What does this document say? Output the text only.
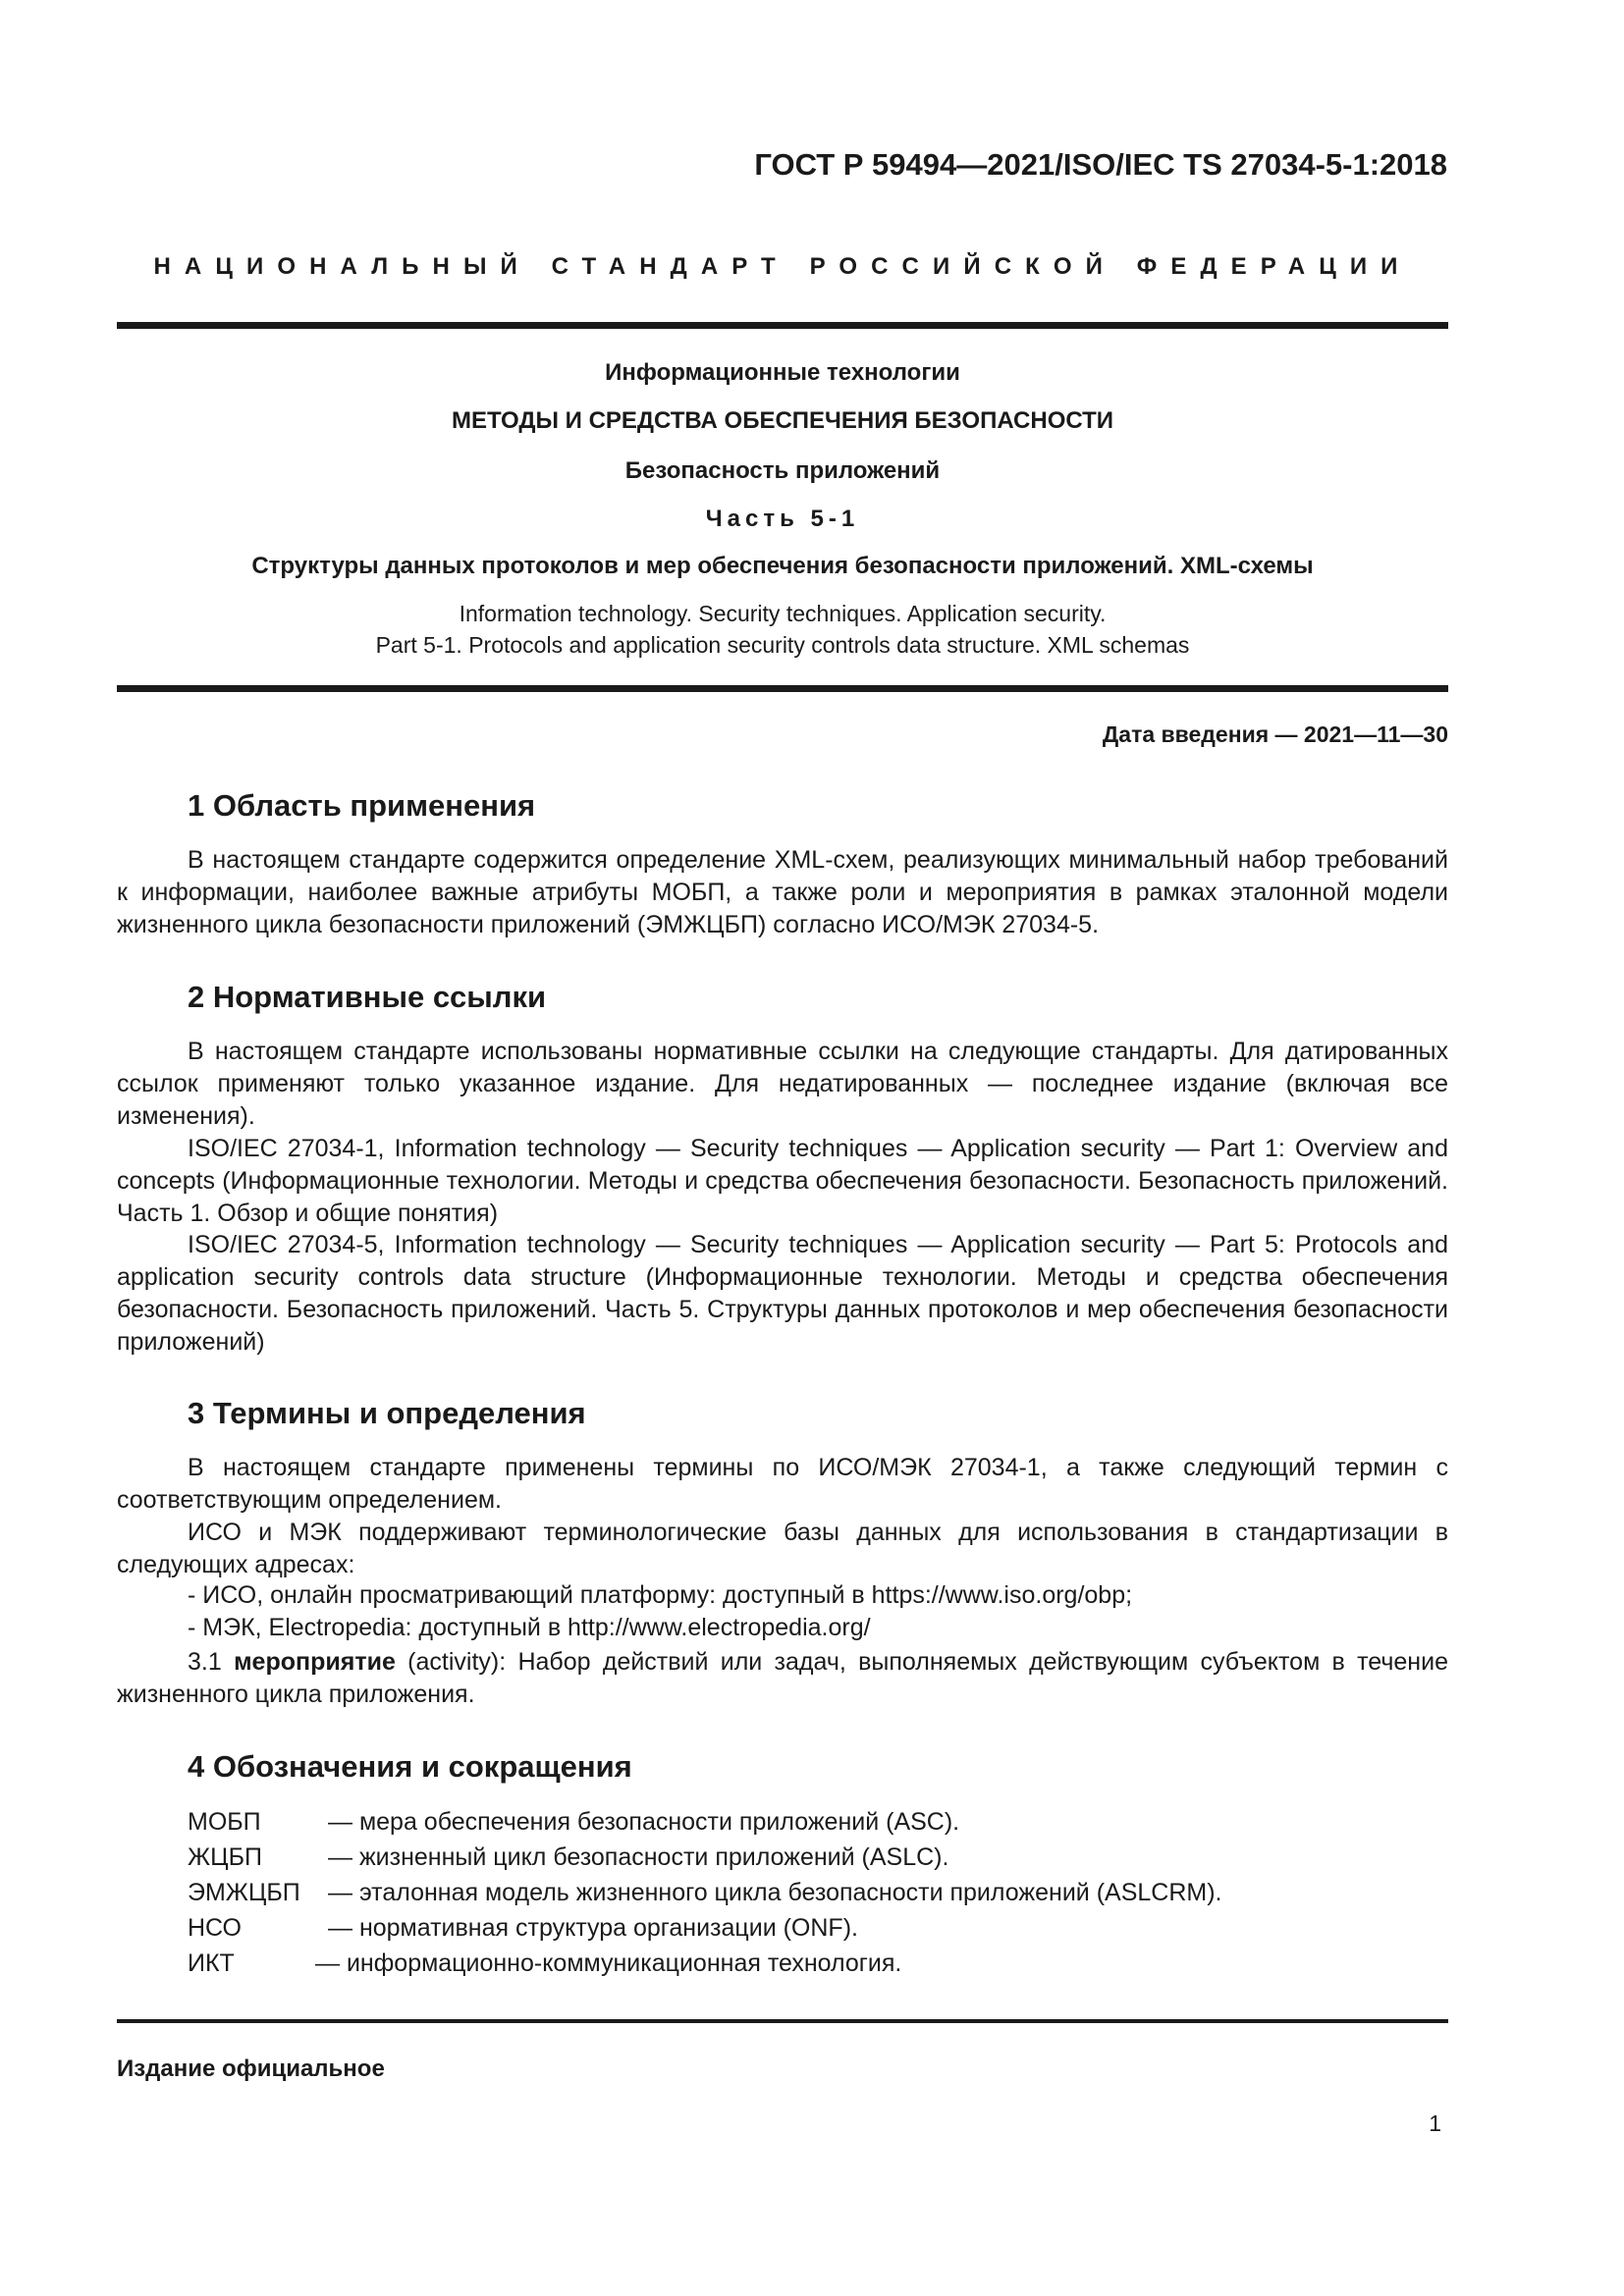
ГОСТ Р 59494—2021/ISO/IEC TS 27034-5-1:2018
НАЦИОНАЛЬНЫЙ СТАНДАРТ РОССИЙСКОЙ ФЕДЕРАЦИИ
Информационные технологии
МЕТОДЫ И СРЕДСТВА ОБЕСПЕЧЕНИЯ БЕЗОПАСНОСТИ
Безопасность приложений
Часть 5-1
Структуры данных протоколов и мер обеспечения безопасности приложений. XML-схемы
Information technology. Security techniques. Application security.
Part 5-1. Protocols and application security controls data structure. XML schemas
Дата введения — 2021—11—30
1 Область применения
В настоящем стандарте содержится определение XML-схем, реализующих минимальный набор требований к информации, наиболее важные атрибуты МОБП, а также роли и мероприятия в рамках эталонной модели жизненного цикла безопасности приложений (ЭМЖЦБП) согласно ИСО/МЭК 27034-5.
2 Нормативные ссылки
В настоящем стандарте использованы нормативные ссылки на следующие стандарты. Для датированных ссылок применяют только указанное издание. Для недатированных — последнее издание (включая все изменения).
ISO/IEC 27034-1, Information technology — Security techniques — Application security — Part 1: Overview and concepts (Информационные технологии. Методы и средства обеспечения безопасности. Безопасность приложений. Часть 1. Обзор и общие понятия)
ISO/IEC 27034-5, Information technology — Security techniques — Application security — Part 5: Protocols and application security controls data structure (Информационные технологии. Методы и средства обеспечения безопасности. Безопасность приложений. Часть 5. Структуры данных протоколов и мер обеспечения безопасности приложений)
3 Термины и определения
В настоящем стандарте применены термины по ИСО/МЭК 27034-1, а также следующий термин с соответствующим определением.
ИСО и МЭК поддерживают терминологические базы данных для использования в стандартизации в следующих адресах:
- ИСО, онлайн просматривающий платформу: доступный в https://www.iso.org/obp;
- МЭК, Electropedia: доступный в http://www.electropedia.org/
3.1 мероприятие (activity): Набор действий или задач, выполняемых действующим субъектом в течение жизненного цикла приложения.
4 Обозначения и сокращения
МОБП	— мера обеспечения безопасности приложений (ASC).
ЖЦБП	— жизненный цикл безопасности приложений (ASLC).
ЭМЖЦБП — эталонная модель жизненного цикла безопасности приложений (ASLCRM).
НСО	— нормативная структура организации (ONF).
ИКТ	— информационно-коммуникационная технология.
Издание официальное
1
